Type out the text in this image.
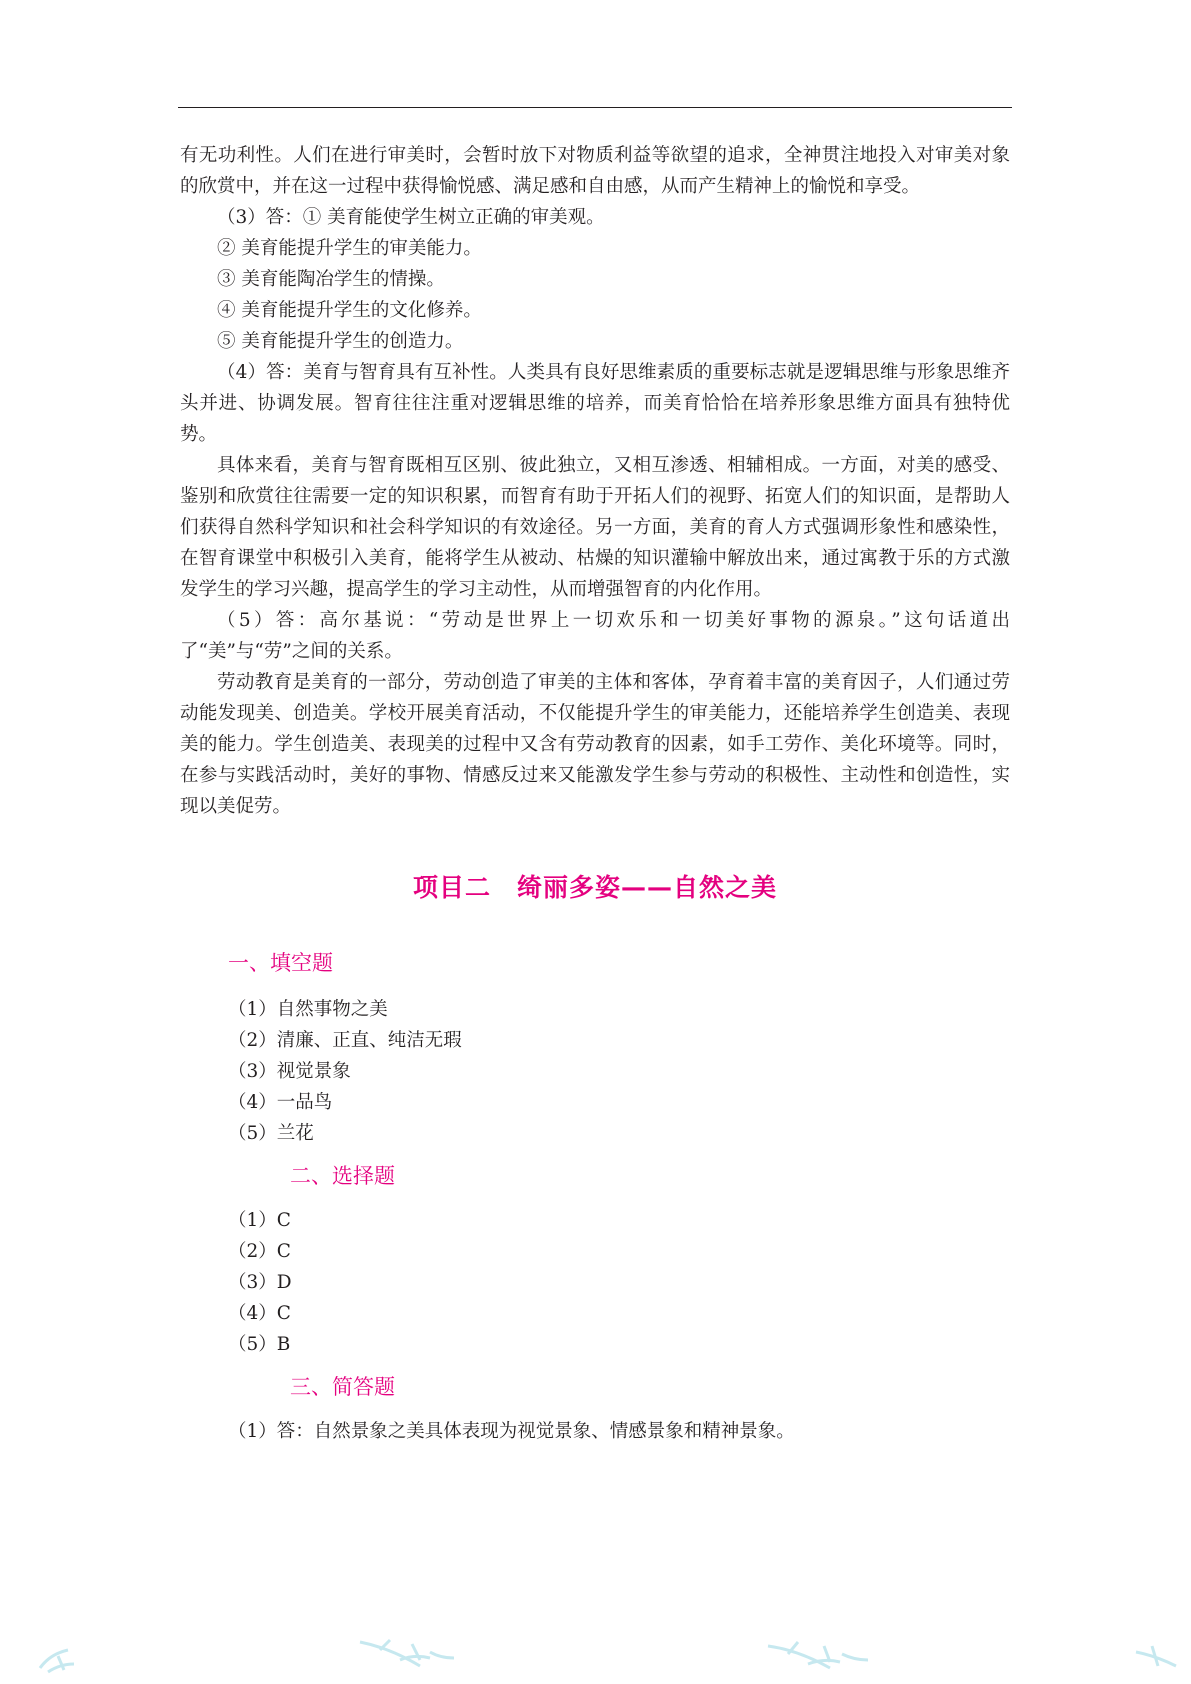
有无功利性。人们在进行审美时，会暂时放下对物质利益等欲望的追求，全神贯注地投入对审美对象的欣赏中，并在这一过程中获得愉悦感、满足感和自由感，从而产生精神上的愉悦和享受。

（3）答：① 美育能使学生树立正确的审美观。

② 美育能提升学生的审美能力。

③ 美育能陶冶学生的情操。

④ 美育能提升学生的文化修养。

⑤ 美育能提升学生的创造力。

（4）答：美育与智育具有互补性。人类具有良好思维素质的重要标志就是逻辑思维与形象思维齐头并进、协调发展。智育往往注重对逻辑思维的培养，而美育恰恰在培养形象思维方面具有独特优势。

具体来看，美育与智育既相互区别、彼此独立，又相互渗透、相辅相成。一方面，对美的感受、鉴别和欣赏往往需要一定的知识积累，而智育有助于开拓人们的视野、拓宽人们的知识面，是帮助人们获得自然科学知识和社会科学知识的有效途径。另一方面，美育的育人方式强调形象性和感染性，在智育课堂中积极引入美育，能将学生从被动、枯燥的知识灌输中解放出来，通过寓教于乐的方式激发学生的学习兴趣，提高学生的学习主动性，从而增强智育的内化作用。

（5）答：高尔基说：“劳动是世界上一切欢乐和一切美好事物的源泉。”这句话道出了“美”与“劳”之间的关系。

劳动教育是美育的一部分，劳动创造了审美的主体和客体，孕育着丰富的美育因子，人们通过劳动能发现美、创造美。学校开展美育活动，不仅能提升学生的审美能力，还能培养学生创造美、表现美的能力。学生创造美、表现美的过程中又含有劳动教育的因素，如手工劳作、美化环境等。同时，在参与实践活动时，美好的事物、情感反过来又能激发学生参与劳动的积极性、主动性和创造性，实现以美促劳。

项目二　绮丽多姿——自然之美
一、填空题

（1）自然事物之美

（2）清廉、正直、纯洁无瑕

（3）视觉景象

（4）一品鸟

（5）兰花

二、选择题

（1）C

（2）C

（3）D

（4）C

（5）B

三、简答题

（1）答：自然景象之美具体表现为视觉景象、情感景象和精神景象。
